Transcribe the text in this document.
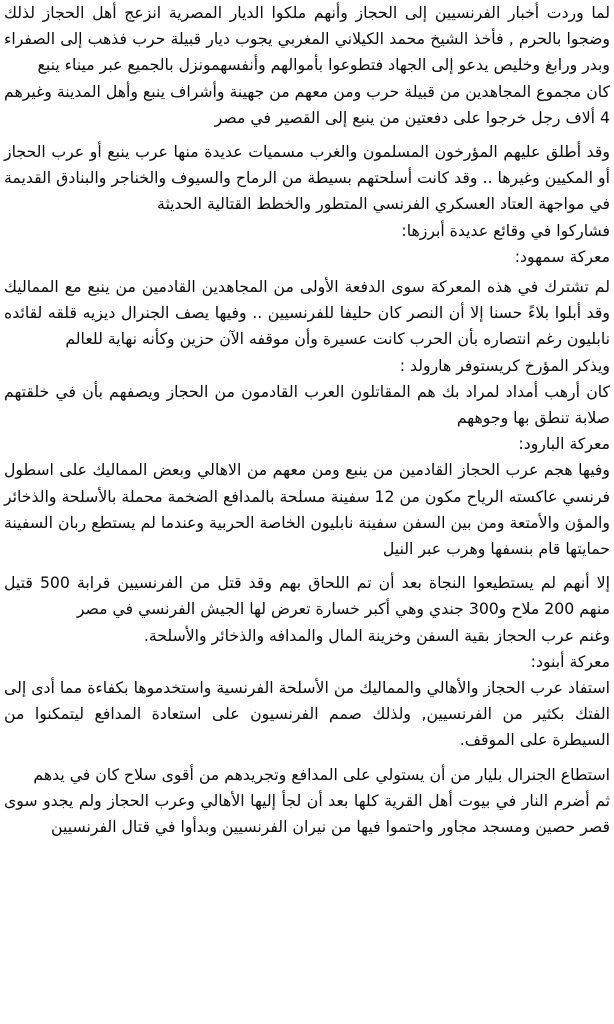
لما وردت أخبار الفرنسيين إلى الحجاز وأنهم ملكوا الديار المصرية انزعج أهل الحجاز لذلك وضجوا بالحرم , فأخذ الشيخ محمد الكيلاني المغربي يجوب ديار قبيلة حرب فذهب إلى الصفراء وبدر ورابغ وخليص يدعو إلى الجهاد فتطوعوا بأموالهم وأنفسهمونزل بالجميع عبر ميناء ينبع

كان مجموع المجاهدين من قبيلة حرب ومن معهم من جهينة وأشراف ينبع وأهل المدينة وغيرهم 4 ألاف رجل خرجوا على دفعتين من ينبع إلى القصير في مصر

وقد أطلق عليهم المؤرخون المسلمون والغرب مسميات عديدة منها عرب ينبع أو عرب الحجاز أو المكيين وغيرها .. وقد كانت أسلحتهم بسيطة من الرماح والسيوف والخناجر والبنادق القديمة في مواجهة العتاد العسكري الفرنسي المتطور والخطط القتالية الحديثة

فشاركوا في وقائع عديدة أبرزها:

معركة سمهود:

لم تشترك في هذه المعركة سوى الدفعة الأولى من المجاهدين القادمين من ينبع مع المماليك وقد أبلوا بلاءً حسنا إلا أن النصر كان حليفا للفرنسيين .. وفيها يصف الجنرال ديزيه قلقه لقائده نابليون رغم انتصاره بأن الحرب كانت عسيرة وأن موقفه الآن حزين وكأنه نهاية للعالم

ويذكر المؤرخ كريستوفر هارولد :

كان أرهب أمداد لمراد بك هم المقاتلون العرب القادمون من الحجاز ويصفهم بأن في خلقتهم صلابة تنطق بها وجوههم

معركة البارود:

وفيها هجم عرب الحجاز القادمين من ينبع ومن معهم من الاهالي وبعض المماليك على اسطول فرنسي عاكسته الرياح مكون من 12 سفينة مسلحة بالمدافع الضخمة محملة بالأسلحة والذخائر والمؤن والأمتعة ومن بين السفن سفينة نابليون الخاصة الحربية وعندما لم يستطع ربان السفينة حمايتها قام بنسفها وهرب عبر النيل

إلا أنهم لم يستطيعوا النجاة بعد أن تم اللحاق بهم وقد قتل من الفرنسيين قرابة 500 قتيل منهم 200 ملاح و300 جندي وهي أكبر خسارة تعرض لها الجيش الفرنسي في مصر

وغنم عرب الحجاز بقية السفن وخزينة المال والمدافه والذخائر والأسلحة.

معركة أبنود:

استفاد عرب الحجاز والأهالي والمماليك من الأسلحة الفرنسية واستخدموها بكفاءة مما أدى إلى الفتك بكثير من الفرنسيين, ولذلك صمم الفرنسيون على استعادة المدافع ليتمكنوا من السيطرة على الموقف.

استطاع الجنرال بليار من أن يستولي على المدافع وتجريدهم من أقوى سلاح كان في يدهم

ثم أضرم النار في بيوت أهل القرية كلها بعد أن لجأ إليها الأهالي وعرب الحجاز ولم يجدو سوى قصر حصين ومسجد مجاور واحتموا فيها من نيران الفرنسيين وبدأوا في قتال الفرنسيين
